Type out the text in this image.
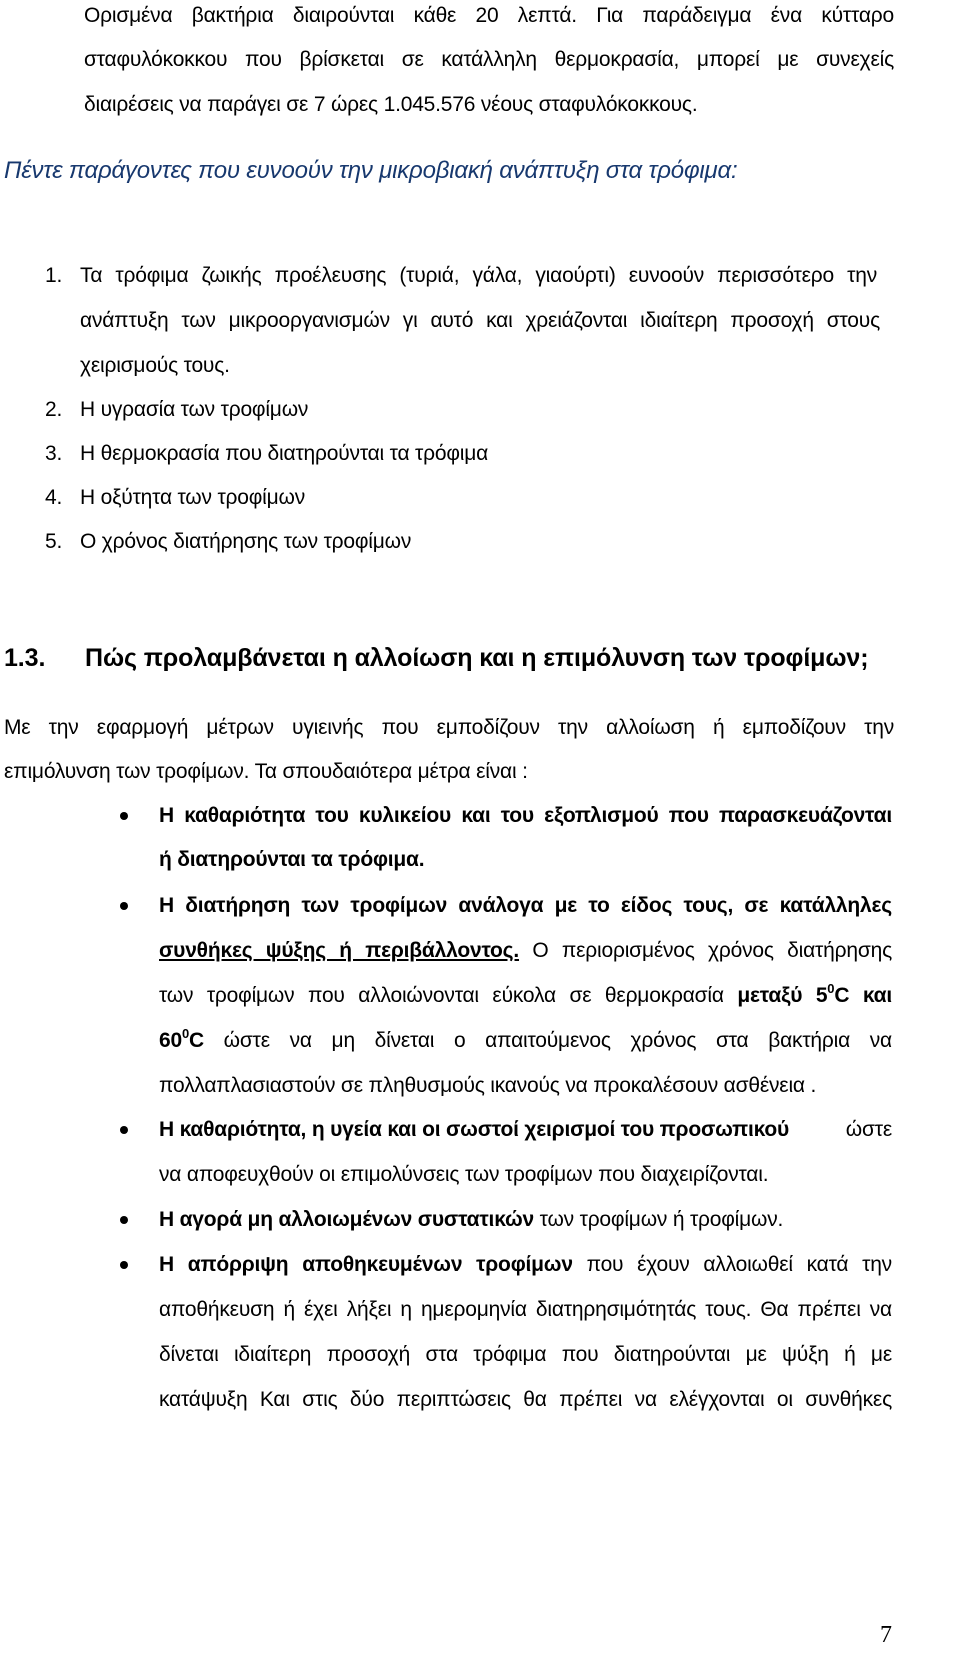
Ορισμένα βακτήρια διαιρούνται κάθε 20 λεπτά. Για παράδειγμα ένα κύτταρο
σταφυλόκοκκου που βρίσκεται σε κατάλληλη θερμοκρασία, μπορεί με συνεχείς
διαιρέσεις να παράγει σε 7 ώρες 1.045.576 νέους σταφυλόκοκκους.
Πέντε παράγοντες που ευνοούν την μικροβιακή ανάπτυξη στα τρόφιμα:
1. Τα τρόφιμα ζωικής προέλευσης (τυριά, γάλα, γιαούρτι) ευνοούν περισσότερο την
ανάπτυξη των μικροοργανισμών γι αυτό και χρειάζονται ιδιαίτερη προσοχή στους
χειρισμούς τους.
2. Η υγρασία των τροφίμων
3. Η θερμοκρασία που διατηρούνται τα τρόφιμα
4. Η οξύτητα των τροφίμων
5. Ο χρόνος διατήρησης των τροφίμων
1.3. Πώς προλαμβάνεται η αλλοίωση και η επιμόλυνση των τροφίμων;
Με την εφαρμογή μέτρων υγιεινής που εμποδίζουν την αλλοίωση ή εμποδίζουν την
επιμόλυνση των τροφίμων. Τα σπουδαιότερα μέτρα είναι :
Η καθαριότητα του κυλικείου και του εξοπλισμού που παρασκευάζονται
ή διατηρούνται τα τρόφιμα.
Η διατήρηση των τροφίμων ανάλογα με το είδος τους, σε κατάλληλες
συνθήκες ψύξης ή περιβάλλοντος. Ο περιορισμένος χρόνος διατήρησης
των τροφίμων που αλλοιώνονται εύκολα σε θερμοκρασία μεταξύ $5^0C$ και
$60^0C$ ώστε να μη δίνεται ο απαιτούμενος χρόνος στα βακτήρια να
πολλαπλασιαστούν σε πληθυσμούς ικανούς να προκαλέσουν ασθένεια .
Η καθαριότητα, η υγεία και οι σωστοί χειρισμοί του προσωπικού	ώστε
να αποφευχθούν οι επιμολύνσεις των τροφίμων που διαχειρίζονται.
Η αγορά μη αλλοιωμένων συστατικών των τροφίμων ή τροφίμων.
Η απόρριψη αποθηκευμένων τροφίμων που έχουν αλλοιωθεί κατά την
αποθήκευση ή έχει λήξει η ημερομηνία διατηρησιμότητάς τους. Θα πρέπει να
δίνεται ιδιαίτερη προσοχή στα τρόφιμα που διατηρούνται με ψύξη ή με
κατάψυξη Και στις δύο περιπτώσεις θα πρέπει να ελέγχονται οι συνθήκες
7
